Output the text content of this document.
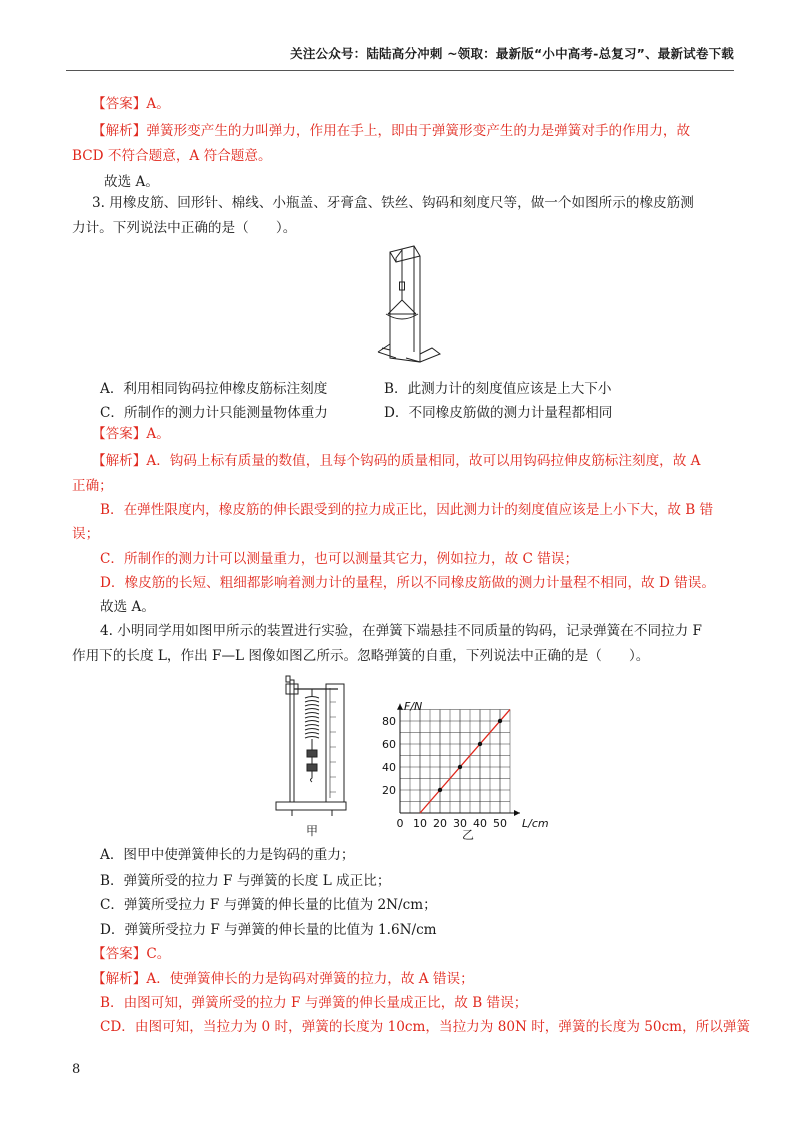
关注公众号：陆陆高分冲刺 ~领取：最新版“小中高考-总复习”、最新试卷下载
【答案】A。
【解析】弹簧形变产生的力叫弹力，作用在手上，即由于弹簧形变产生的力是弹簧对手的作用力，故
BCD 不符合题意，A 符合题意。
故选 A。
3. 用橡皮筋、回形针、棉线、小瓶盖、牙膏盒、铁丝、钩码和刻度尺等，做一个如图所示的橡皮筋测
力计。下列说法中正确的是（　　）。
A．利用相同钩码拉伸橡皮筋标注刻度	B．此测力计的刻度值应该是上大下小
C．所制作的测力计只能测量物体重力	D．不同橡皮筋做的测力计量程都相同
【答案】A。
【解析】A．钩码上标有质量的数值，且每个钩码的质量相同，故可以用钩码拉伸皮筋标注刻度，故 A
正确；
B．在弹性限度内，橡皮筋的伸长跟受到的拉力成正比，因此测力计的刻度值应该是上小下大，故 B 错
误；
C．所制作的测力计可以测量重力，也可以测量其它力，例如拉力，故 C 错误；
D．橡皮筋的长短、粗细都影响着测力计的量程，所以不同橡皮筋做的测力计量程不相同，故 D 错误。
故选 A。
4. 小明同学用如图甲所示的装置进行实验，在弹簧下端悬挂不同质量的钩码，记录弹簧在不同拉力 F
作用下的长度 L，作出 F—L 图像如图乙所示。忽略弹簧的自重，下列说法中正确的是（　　）。
甲
0 10 20 30 40 50
20
40
60
80
L/cm
F/N
乙
A．图甲中使弹簧伸长的力是钩码的重力；
B．弹簧所受的拉力 F 与弹簧的长度 L 成正比；
C．弹簧所受拉力 F 与弹簧的伸长量的比值为 2N/cm；
D．弹簧所受拉力 F 与弹簧的伸长量的比值为 1.6N/cm
【答案】C。
【解析】A．使弹簧伸长的力是钩码对弹簧的拉力，故 A 错误；
B．由图可知，弹簧所受的拉力 F 与弹簧的伸长量成正比，故 B 错误；
CD．由图可知，当拉力为 0 时，弹簧的长度为 10cm，当拉力为 80N 时，弹簧的长度为 50cm，所以弹簧
8
